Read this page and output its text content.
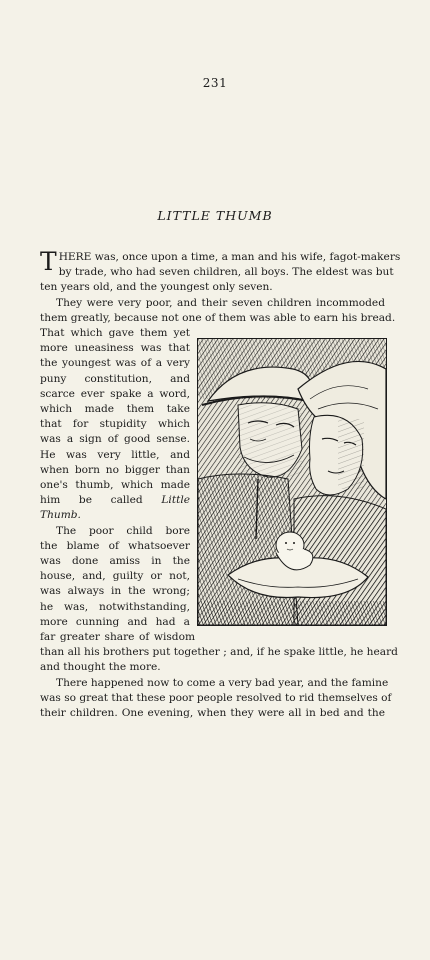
231
LITTLE THUMB
T HERE was, once upon a time, a man and his wife, fagot-makers
by trade, who had seven children, all boys. The eldest was but
ten years old, and the youngest only seven.
They were very poor, and their seven children incommoded
them greatly, because not one of them was able to earn his bread.
That which gave them yet
more uneasiness was that
the youngest was of a very
puny constitution, and
scarce ever spake a word,
which made them take
that for stupidity which
was a sign of good sense.
He was very little, and
when born no bigger than
one's thumb, which made
him be called Little
Thumb.
The poor child bore
the blame of whatsoever
was done amiss in the
house, and, guilty or not,
was always in the wrong;
he was, notwithstanding,
more cunning and had a
far greater share of wisdom
than all his brothers put together ; and, if he spake little, he heard
and thought the more.
There happened now to come a very bad year, and the famine
was so great that these poor people resolved to rid themselves of
their children. One evening, when they were all in bed and the
